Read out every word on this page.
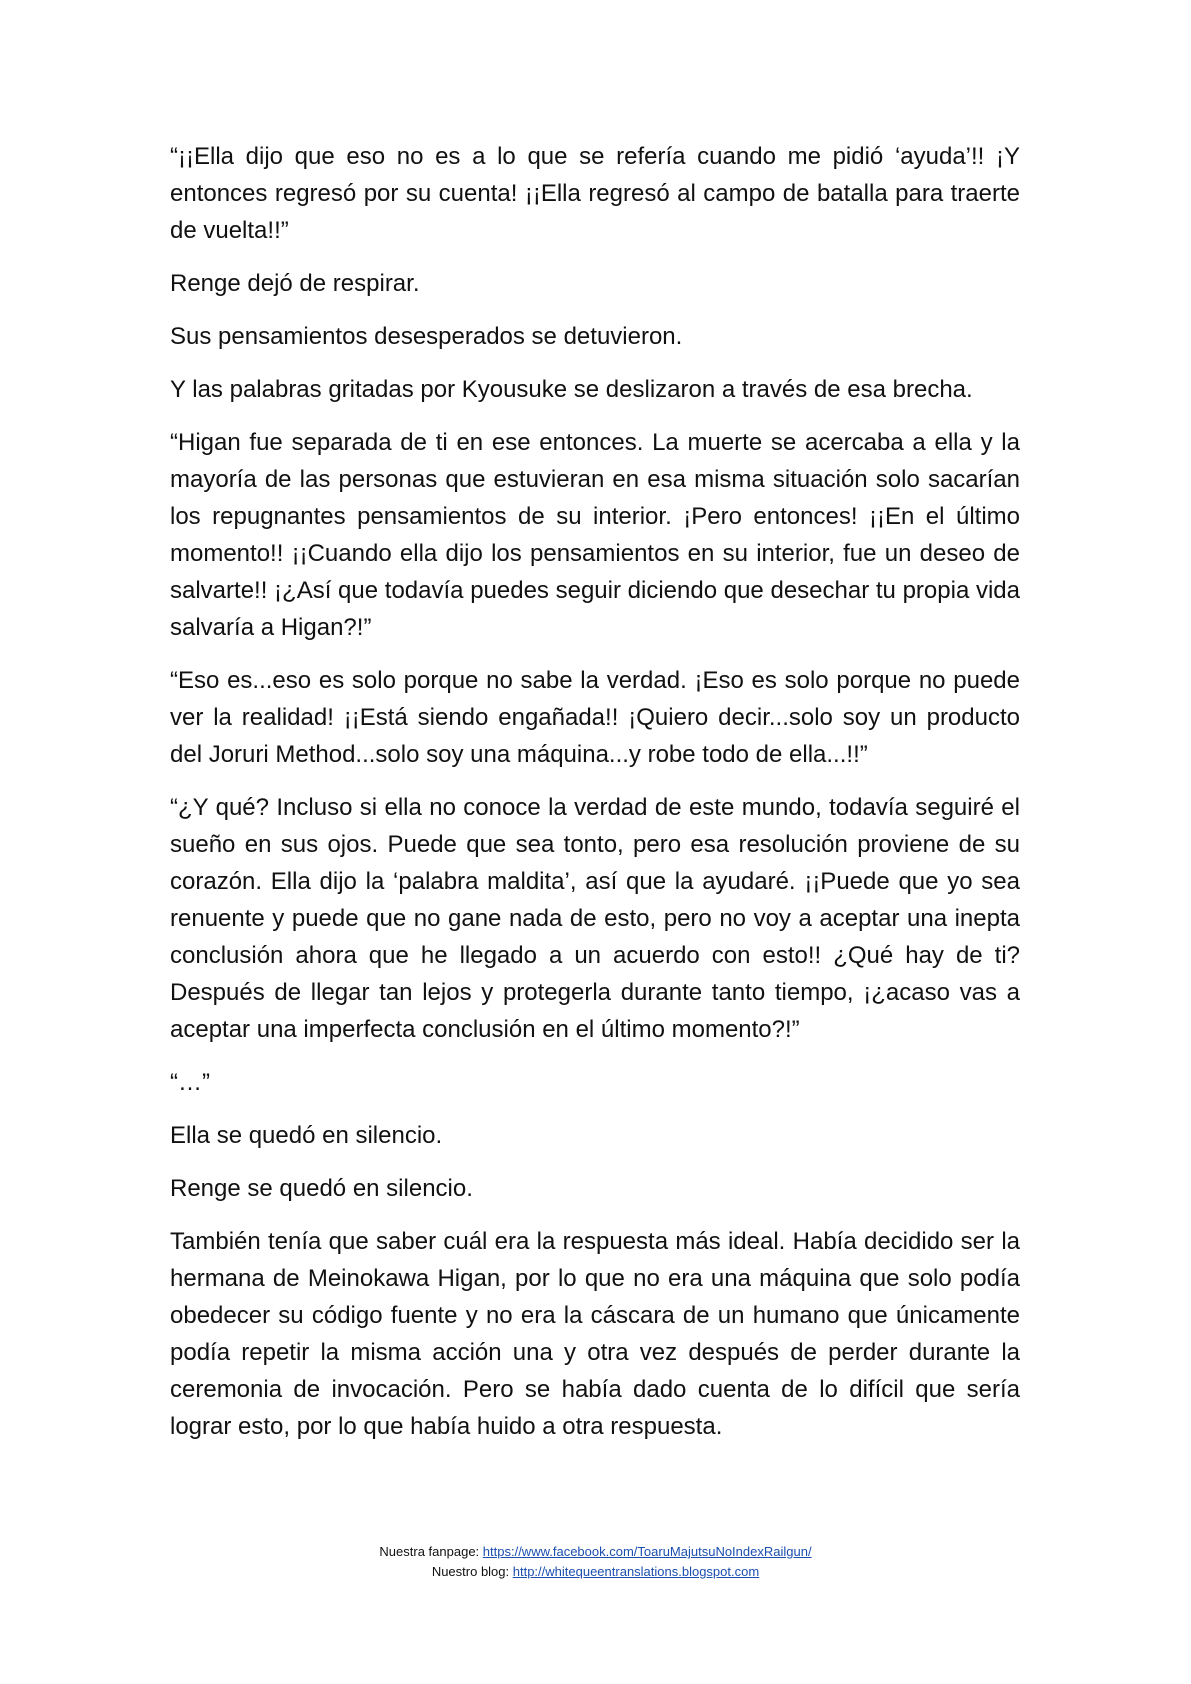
“¡¡Ella dijo que eso no es a lo que se refería cuando me pidió ‘ayuda’!! ¡Y entonces regresó por su cuenta! ¡¡Ella regresó al campo de batalla para traerte de vuelta!!”

Renge dejó de respirar.

Sus pensamientos desesperados se detuvieron.

Y las palabras gritadas por Kyousuke se deslizaron a través de esa brecha.

“Higan fue separada de ti en ese entonces. La muerte se acercaba a ella y la mayoría de las personas que estuvieran en esa misma situación solo sacarían los repugnantes pensamientos de su interior. ¡Pero entonces! ¡¡En el último momento!! ¡¡Cuando ella dijo los pensamientos en su interior, fue un deseo de salvarte!! ¡¿Así que todavía puedes seguir diciendo que desechar tu propia vida salvaría a Higan?!”

“Eso es...eso es solo porque no sabe la verdad. ¡Eso es solo porque no puede ver la realidad! ¡¡Está siendo engañada!! ¡Quiero decir...solo soy un producto del Joruri Method...solo soy una máquina...y robe todo de ella...!!”

“¿Y qué? Incluso si ella no conoce la verdad de este mundo, todavía seguiré el sueño en sus ojos. Puede que sea tonto, pero esa resolución proviene de su corazón. Ella dijo la ‘palabra maldita’, así que la ayudaré. ¡¡Puede que yo sea renuente y puede que no gane nada de esto, pero no voy a aceptar una inepta conclusión ahora que he llegado a un acuerdo con esto!! ¿Qué hay de ti? Después de llegar tan lejos y protegerla durante tanto tiempo, ¡¿acaso vas a aceptar una imperfecta conclusión en el último momento?!”

“…”

Ella se quedó en silencio.

Renge se quedó en silencio.

También tenía que saber cuál era la respuesta más ideal. Había decidido ser la hermana de Meinokawa Higan, por lo que no era una máquina que solo podía obedecer su código fuente y no era la cáscara de un humano que únicamente podía repetir la misma acción una y otra vez después de perder durante la ceremonia de invocación. Pero se había dado cuenta de lo difícil que sería lograr esto, por lo que había huido a otra respuesta.

Nuestra fanpage: https://www.facebook.com/ToaruMajutsuNoIndexRailgun/
Nuestro blog: http://whitequeentranslations.blogspot.com
